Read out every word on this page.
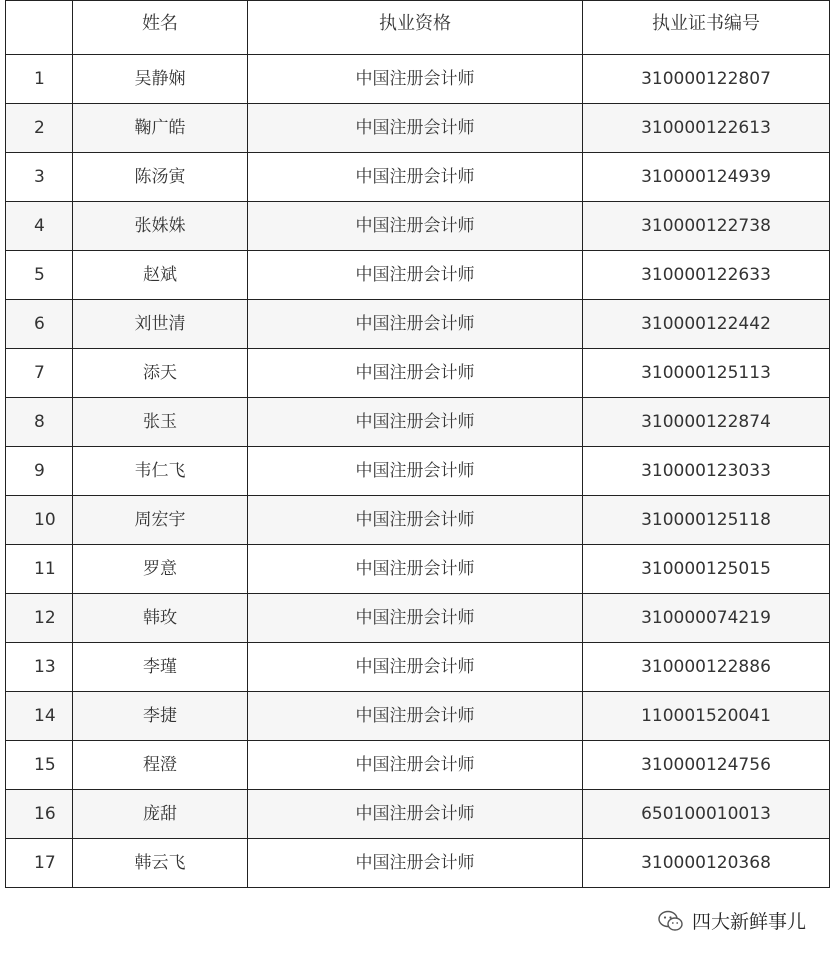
	姓名	执业资格	执业证书编号
1	吴静娴	中国注册会计师	310000122807
2	鞠广皓	中国注册会计师	310000122613
3	陈汤寅	中国注册会计师	310000124939
4	张姝姝	中国注册会计师	310000122738
5	赵斌	中国注册会计师	310000122633
6	刘世清	中国注册会计师	310000122442
7	添天	中国注册会计师	310000125113
8	张玉	中国注册会计师	310000122874
9	韦仁飞	中国注册会计师	310000123033
10	周宏宇	中国注册会计师	310000125118
11	罗意	中国注册会计师	310000125015
12	韩玫	中国注册会计师	310000074219
13	李瑾	中国注册会计师	310000122886
14	李捷	中国注册会计师	110001520041
15	程澄	中国注册会计师	310000124756
16	庞甜	中国注册会计师	650100010013
17	韩云飞	中国注册会计师	310000120368
四大新鲜事儿
